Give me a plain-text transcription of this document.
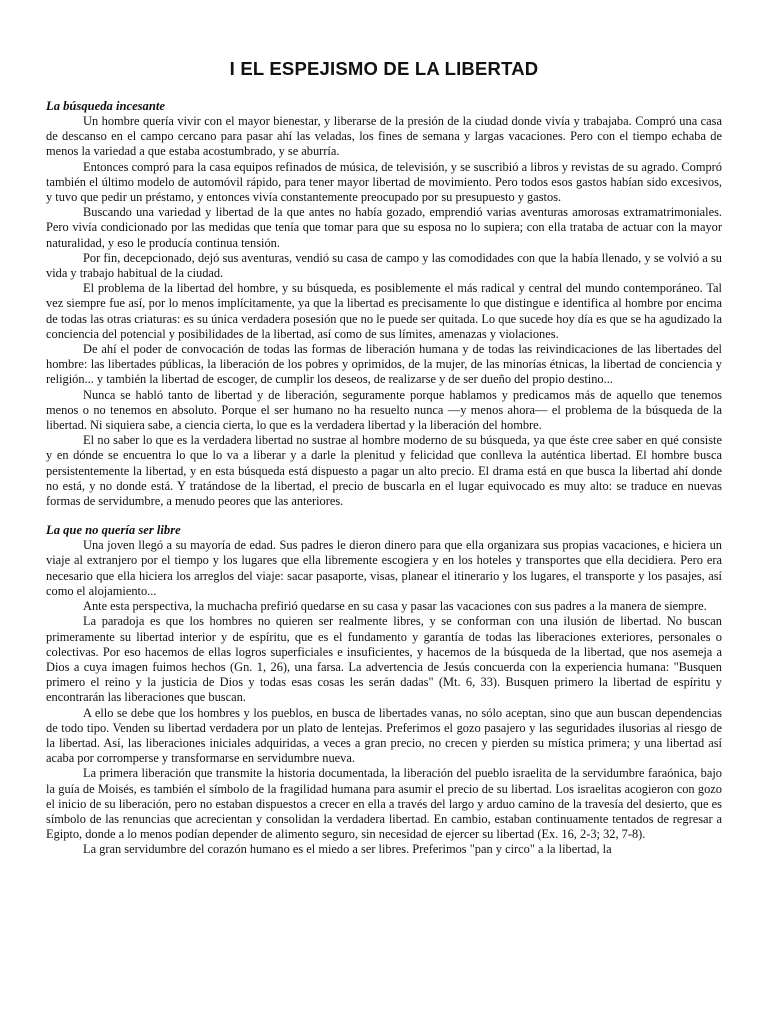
I EL ESPEJISMO DE LA LIBERTAD
La búsqueda incesante

Un hombre quería vivir con el mayor bienestar, y liberarse de la presión de la ciudad donde vivía y trabajaba. Compró una casa de descanso en el campo cercano para pasar ahí las veladas, los fines de semana y largas vacaciones. Pero con el tiempo echaba de menos la variedad a que estaba acostumbrado, y se aburría.

Entonces compró para la casa equipos refinados de música, de televisión, y se suscribió a libros y revistas de su agrado. Compró también el último modelo de automóvil rápido, para tener mayor libertad de movimiento. Pero todos esos gastos habían sido excesivos, y tuvo que pedir un préstamo, y entonces vivía constantemente preocupado por su presupuesto y gastos.

Buscando una variedad y libertad de la que antes no había gozado, emprendió varias aventuras amorosas extramatrimoniales. Pero vivía condicionado por las medidas que tenía que tomar para que su esposa no lo supiera; con ella trataba de actuar con la mayor naturalidad, y eso le producía continua tensión.

Por fin, decepcionado, dejó sus aventuras, vendió su casa de campo y las comodidades con que la había llenado, y se volvió a su vida y trabajo habitual de la ciudad.

El problema de la libertad del hombre, y su búsqueda, es posiblemente el más radical y central del mundo contemporáneo. Tal vez siempre fue así, por lo menos implícitamente, ya que la libertad es precisamente lo que distingue e identifica al hombre por encima de todas las otras criaturas: es su única verdadera posesión que no le puede ser quitada. Lo que sucede hoy día es que se ha agudizado la conciencia del potencial y posibilidades de la libertad, así como de sus límites, amenazas y violaciones.

De ahí el poder de convocación de todas las formas de liberación humana y de todas las reivindicaciones de las libertades del hombre: las libertades públicas, la liberación de los pobres y oprimidos, de la mujer, de las minorías étnicas, la libertad de conciencia y religión... y también la libertad de escoger, de cumplir los deseos, de realizarse y de ser dueño del propio destino...

Nunca se habló tanto de libertad y de liberación, seguramente porque hablamos y predicamos más de aquello que tenemos menos o no tenemos en absoluto. Porque el ser humano no ha resuelto nunca —y menos ahora— el problema de la búsqueda de la libertad. Ni siquiera sabe, a ciencia cierta, lo que es la verdadera libertad y la liberación del hombre.

El no saber lo que es la verdadera libertad no sustrae al hombre moderno de su búsqueda, ya que éste cree saber en qué consiste y en dónde se encuentra lo que lo va a liberar y a darle la plenitud y felicidad que conlleva la auténtica libertad. El hombre busca persistentemente la libertad, y en esta búsqueda está dispuesto a pagar un alto precio. El drama está en que busca la libertad ahí donde no está, y no donde está. Y tratándose de la libertad, el precio de buscarla en el lugar equivocado es muy alto: se traduce en nuevas formas de servidumbre, a menudo peores que las anteriores.

La que no quería ser libre

Una joven llegó a su mayoría de edad. Sus padres le dieron dinero para que ella organizara sus propias vacaciones, e hiciera un viaje al extranjero por el tiempo y los lugares que ella libremente escogiera y en los hoteles y transportes que ella decidiera. Pero era necesario que ella hiciera los arreglos del viaje: sacar pasaporte, visas, planear el itinerario y los lugares, el transporte y los pasajes, así como el alojamiento...

Ante esta perspectiva, la muchacha prefirió quedarse en su casa y pasar las vacaciones con sus padres a la manera de siempre.

La paradoja es que los hombres no quieren ser realmente libres, y se conforman con una ilusión de libertad. No buscan primeramente su libertad interior y de espíritu, que es el fundamento y garantía de todas las liberaciones exteriores, personales o colectivas. Por eso hacemos de ellas logros superficiales e insuficientes, y hacemos de la búsqueda de la libertad, que nos asemeja a Dios a cuya imagen fuimos hechos (Gn. 1, 26), una farsa. La advertencia de Jesús concuerda con la experiencia humana: "Busquen primero el reino y la justicia de Dios y todas esas cosas les serán dadas" (Mt. 6, 33). Busquen primero la libertad de espíritu y encontrarán las liberaciones que buscan.

A ello se debe que los hombres y los pueblos, en busca de libertades vanas, no sólo aceptan, sino que aun buscan dependencias de todo tipo. Venden su libertad verdadera por un plato de lentejas. Preferimos el gozo pasajero y las seguridades ilusorias al riesgo de la libertad. Así, las liberaciones iniciales adquiridas, a veces a gran precio, no crecen y pierden su mística primera; y una libertad así acaba por corromperse y transformarse en servidumbre nueva.

La primera liberación que transmite la historia documentada, la liberación del pueblo israelita de la servidumbre faraónica, bajo la guía de Moisés, es también el símbolo de la fragilidad humana para asumir el precio de su libertad. Los israelitas acogieron con gozo el inicio de su liberación, pero no estaban dispuestos a crecer en ella a través del largo y arduo camino de la travesía del desierto, que es símbolo de las renuncias que acrecientan y consolidan la verdadera libertad. En cambio, estaban continuamente tentados de regresar a Egipto, donde a lo menos podían depender de alimento seguro, sin necesidad de ejercer su libertad (Ex. 16, 2-3; 32, 7-8).

La gran servidumbre del corazón humano es el miedo a ser libres. Preferimos "pan y circo" a la libertad, la
